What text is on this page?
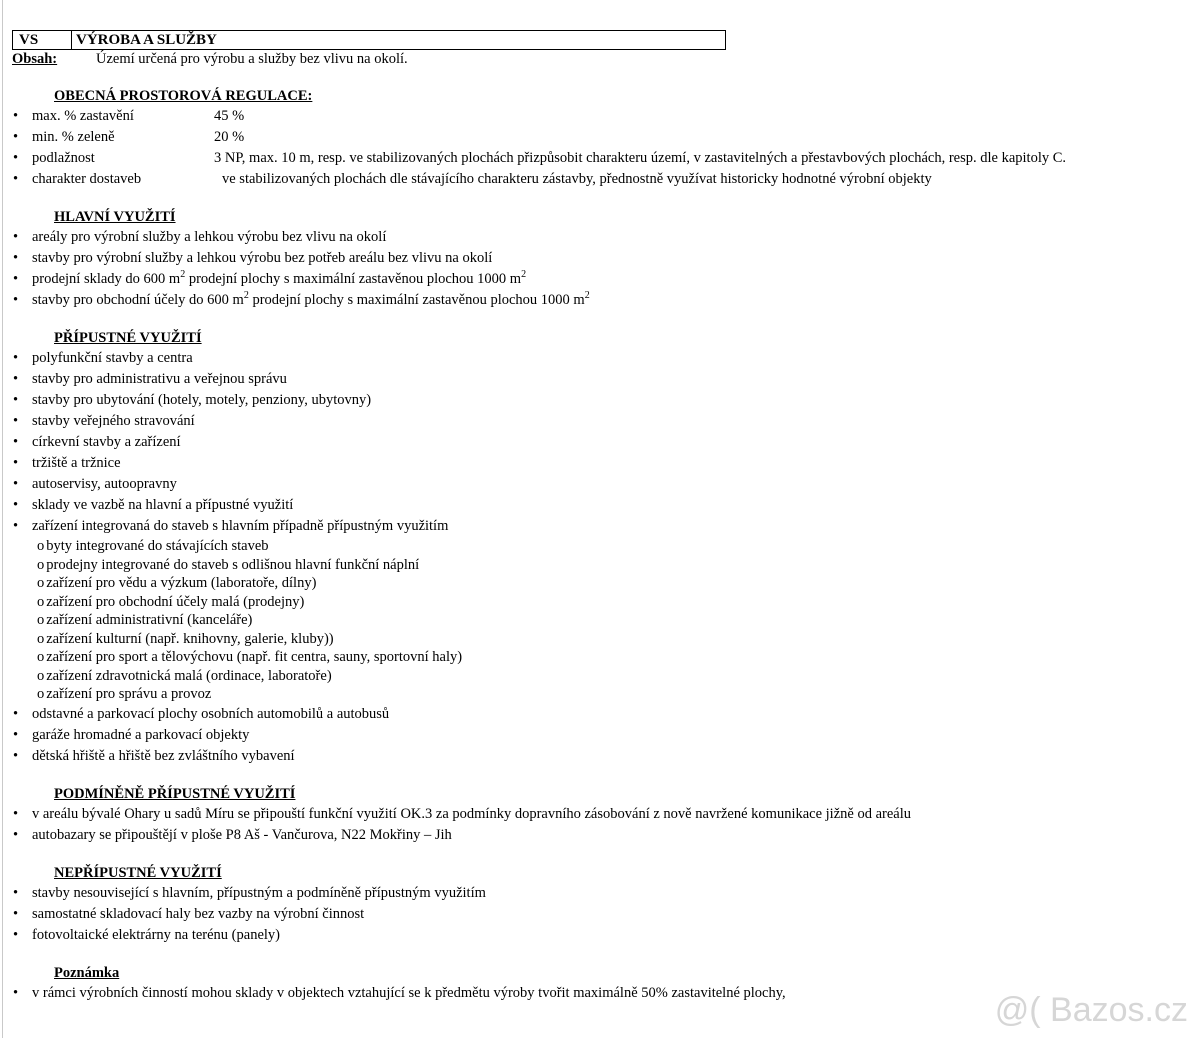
VS	VÝROBA A SLUŽBY
Obsah:	Území určená pro výrobu a služby bez vlivu na okolí.
OBECNÁ PROSTOROVÁ REGULACE:
• max. % zastavění	45 %
• min. % zeleně	20 %
• podlažnost	3 NP, max. 10 m, resp. ve stabilizovaných plochách přizpůsobit charakteru území, v zastavitelných a přestavbových plochách, resp. dle kapitoly C.
• charakter dostaveb	ve stabilizovaných plochách dle stávajícího charakteru zástavby, přednostně využívat historicky hodnotné výrobní objekty
HLAVNÍ VYUŽITÍ
• areály pro výrobní služby a lehkou výrobu bez vlivu na okolí
• stavby pro výrobní služby a lehkou výrobu bez potřeb areálu bez vlivu na okolí
• prodejní sklady do 600 $m^2$ prodejní plochy s maximální zastavěnou plochou 1000 $m^2$
• stavby pro obchodní účely do 600 $m^2$ prodejní plochy s maximální zastavěnou plochou 1000 $m^2$
PŘÍPUSTNÉ VYUŽITÍ
• polyfunkční stavby a centra
• stavby pro administrativu a veřejnou správu
• stavby pro ubytování (hotely, motely, penziony, ubytovny)
• stavby veřejného stravování
• církevní stavby a zařízení
• tržiště a tržnice
• autoservisy, autoopravny
• sklady ve vazbě na hlavní a přípustné využití
• zařízení integrovaná do staveb s hlavním případně přípustným využitím
o byty integrované do stávajících staveb
o prodejny integrované do staveb s odlišnou hlavní funkční náplní
o zařízení pro vědu a výzkum (laboratoře, dílny)
o zařízení pro obchodní účely malá (prodejny)
o zařízení administrativní (kanceláře)
o zařízení kulturní (např. knihovny, galerie, kluby))
o zařízení pro sport a tělovýchovu (např. fit centra, sauny, sportovní haly)
o zařízení zdravotnická malá (ordinace, laboratoře)
o zařízení pro správu a provoz
• odstavné a parkovací plochy osobních automobilů a autobusů
• garáže hromadné a parkovací objekty
• dětská hřiště a hřiště bez zvláštního vybavení
PODMÍNĚNĚ PŘÍPUSTNÉ VYUŽITÍ
• v areálu bývalé Ohary u sadů Míru se připouští funkční využití OK.3 za podmínky dopravního zásobování z nově navržené komunikace jižně od areálu
• autobazary se připouštějí v ploše P8 Aš - Vančurova, N22 Mokřiny – Jih
NEPŘÍPUSTNÉ VYUŽITÍ
• stavby nesouvisející s hlavním, přípustným a podmíněně přípustným využitím
• samostatné skladovací haly bez vazby na výrobní činnost
• fotovoltaické elektrárny na terénu (panely)
Poznámka
• v rámci výrobních činností mohou sklady v objektech vztahující se k předmětu výroby tvořit maximálně 50% zastavitelné plochy,	@( Bazos.cz
